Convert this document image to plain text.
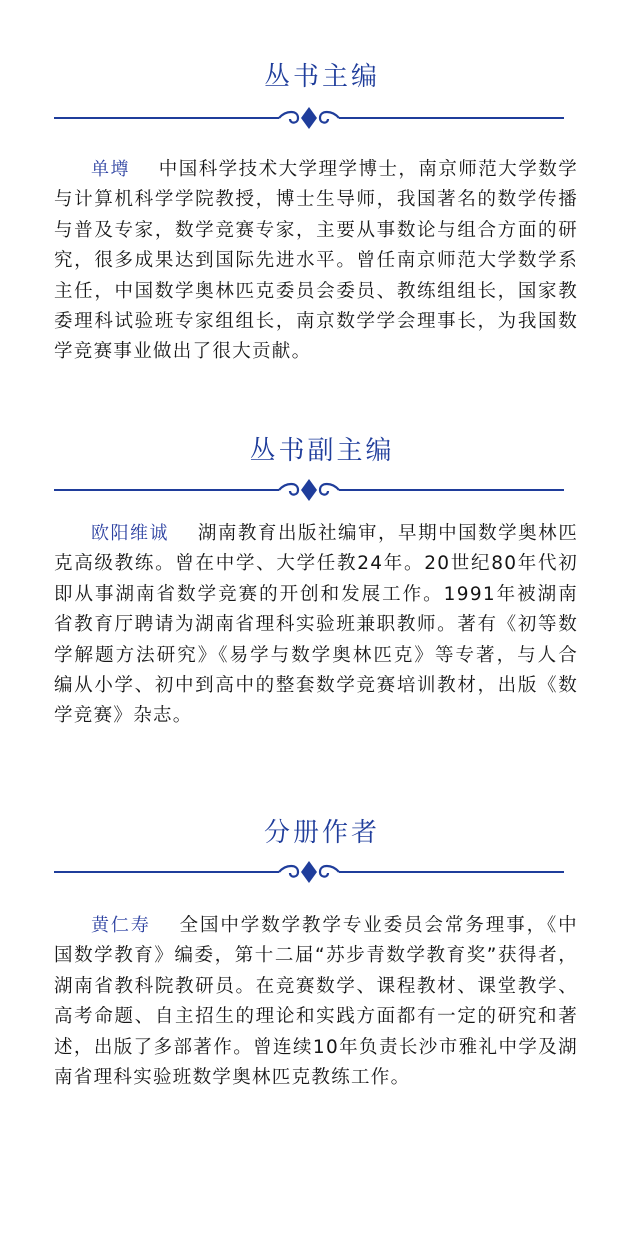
丛书主编

单墫 中国科学技术大学理学博士，南京师范大学数学与计算机科学学院教授，博士生导师，我国著名的数学传播与普及专家，数学竞赛专家，主要从事数论与组合方面的研究，很多成果达到国际先进水平。曾任南京师范大学数学系主任，中国数学奥林匹克委员会委员、教练组组长，国家教委理科试验班专家组组长，南京数学学会理事长，为我国数学竞赛事业做出了很大贡献。

丛书副主编

欧阳维诚 湖南教育出版社编审，早期中国数学奥林匹克高级教练。曾在中学、大学任教24年。20世纪80年代初即从事湖南省数学竞赛的开创和发展工作。1991年被湖南省教育厅聘请为湖南省理科实验班兼职教师。著有《初等数学解题方法研究》《易学与数学奥林匹克》等专著，与人合编从小学、初中到高中的整套数学竞赛培训教材，出版《数学竞赛》杂志。

分册作者

黄仁寿 全国中学数学教学专业委员会常务理事，《中国数学教育》编委，第十二届“苏步青数学教育奖”获得者，湖南省教科院教研员。在竞赛数学、课程教材、课堂教学、高考命题、自主招生的理论和实践方面都有一定的研究和著述，出版了多部著作。曾连续10年负责长沙市雅礼中学及湖南省理科实验班数学奥林匹克教练工作。
